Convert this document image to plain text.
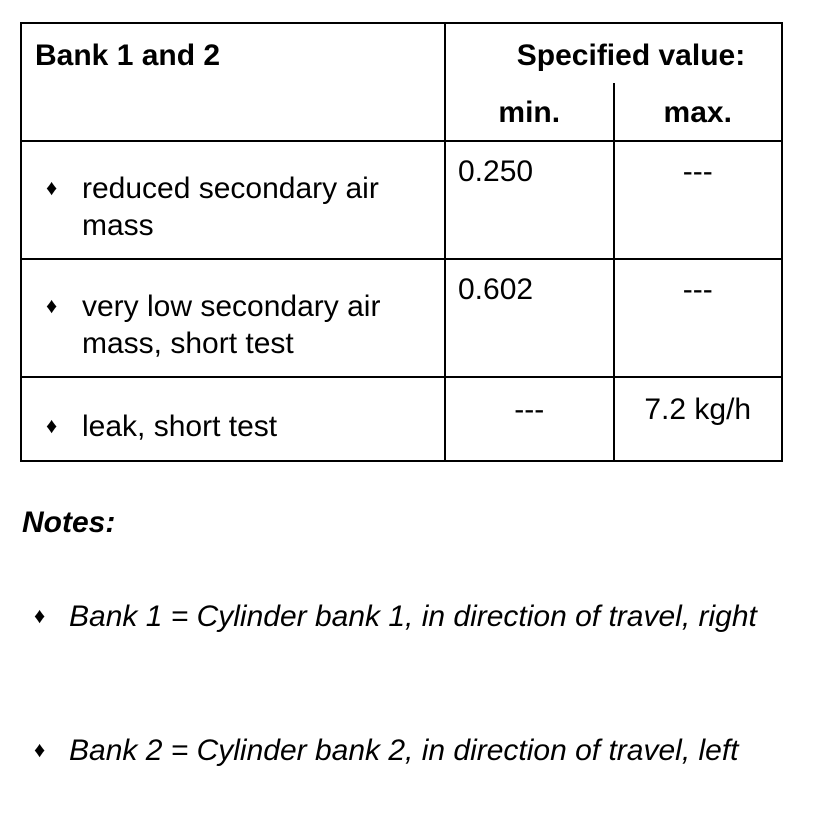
Bank 1 and 2	Specified value:	

	min.	max.

♦ reduced secondary air mass	0.250	---

♦ very low secondary air mass, short test	0.602	---

♦ leak, short test	---	7.2 kg/h
Notes:
♦ Bank 1 = Cylinder bank 1, in direction of travel, right
♦ Bank 2 = Cylinder bank 2, in direction of travel, left
